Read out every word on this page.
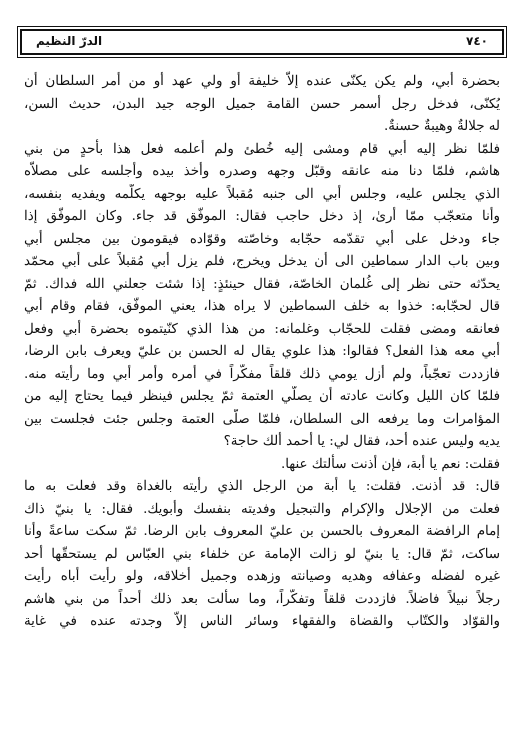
٧٤٠
الدرّ النظيم
بحضرة أبي، ولم يكن يكنّى عنده إلاّ خليفة أو ولي عهد أو من أمر السلطان أن
يُكنّى، فدخل رجل أسمر حسن القامة جميل الوجه جيد البدن، حديث السن،
له جلالةٌ وهيبةٌ حسنةٌ.
فلمّا نظر إليه أبي قام ومشى إليه خُطئ ولم أعلمه فعل هذا بأحدٍ من بني
هاشم، فلمّا دنا منه عانقه وقبّل وجهه وصدره وأخذ بيده وأجلسه على مصلاّه
الذي يجلس عليه، وجلس أبي الى جنبه مُقبلاً عليه بوجهه يكلّمه ويفديه بنفسه،
وأنا متعجّب ممّا أرىٰ، إذ دخل حاجب فقال: الموفّق قد جاء. وكان الموفّق إذا
جاء ودخل على أبي تقدّمه حجّابه وخاصّته وقوّاده فيقومون بين مجلس أبي
وبين باب الدار سماطين الى أن يدخل ويخرج، فلم يزل أبي مُقبلاً على أبي محمّد
يحدّثه حتى نظر إلى غُلمان الخاصّة، فقال حينئذٍ: إذا شئت جعلني الله فداك. ثمّ
قال لحجّابه: خذوا به خلف السماطين لا يراه هذا، يعني الموفّق، فقام وقام أبي
فعانقه ومضى فقلت للحجّاب وغلمانه: من هذا الذي كنّيتموه بحضرة أبي وفعل
أبي معه هذا الفعل؟ فقالوا: هذا علوي يقال له الحسن بن عليّ ويعرف بابن الرضا،
فازددت تعجّباً، ولم أزل يومي ذلك قلقاً مفكّراً في أمره وأمر أبي وما رأيته منه.
فلمّا كان الليل وكانت عادته أن يصلّي العتمة ثمّ يجلس فينظر فيما يحتاج إليه من
المؤامرات وما يرفعه الى السلطان، فلمّا صلّى العتمة وجلس جئت فجلست بين
يديه وليس عنده أحد، فقال لي: يا أحمد ألك حاجة؟
فقلت: نعم يا أبة، فإن أذنت سألتك عنها.
قال: قد أذنت. فقلت: يا أبة من الرجل الذي رأيته بالغداة وقد فعلت به ما
فعلت من الإجلال والإكرام والتبجيل وفديته بنفسك وأبويك. فقال: يا بنيّ ذاك
إمام الرافضة المعروف بالحسن بن عليّ المعروف بابن الرضا. ثمّ سكت ساعةً وأنا
ساكت، ثمّ قال: يا بنيّ لو زالت الإمامة عن خلفاء بني العبّاس لم يستحقّها أحد
غيره لفضله وعفافه وهديه وصيانته وزهده وجميل أخلاقه، ولو رأيت أباه رأيت
رجلاً نبيلاً فاضلاً. فازددت قلقاً وتفكّراً، وما سألت بعد ذلك أحداً من بني هاشم
والقوّاد والكتّاب والقضاة والفقهاء وسائر الناس إلاّ وجدته عنده في غاية
